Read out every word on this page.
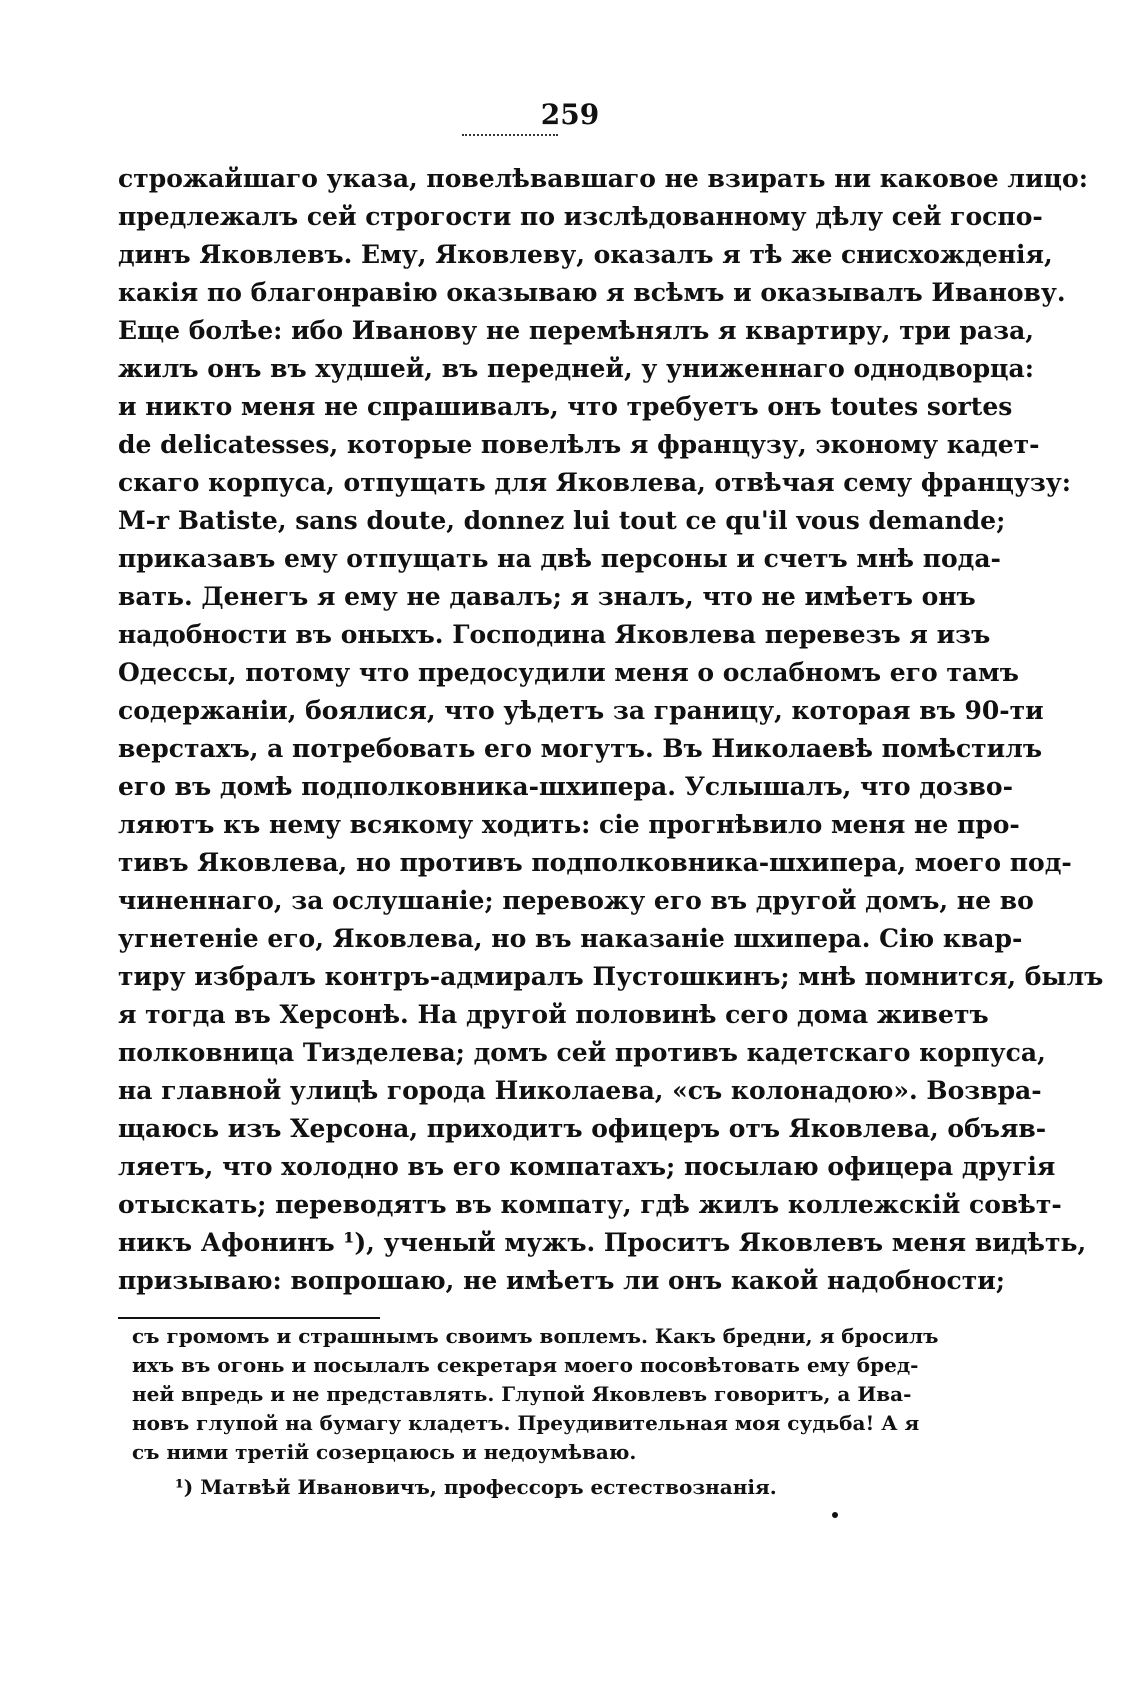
259
строжайшаго указа, повелѣвавшаго не взирать ни каковое лицо:
предлежалъ сей строгости по изслѣдованному дѣлу сей госпо-
динъ Яковлевъ. Ему, Яковлеву, оказалъ я тѣ же снисхожденія,
какія по благонравію оказываю я всѣмъ и оказывалъ Иванову.
Еще болѣе: ибо Иванову не перемѣнялъ я квартиру, три раза,
жилъ онъ въ худшей, въ передней, у униженнаго однодворца:
и никто меня не спрашивалъ, что требуетъ онъ toutes sortes
de delicatesses, которые повелѣлъ я французу, эконому кадет-
скаго корпуса, отпущать для Яковлева, отвѣчая сему французу:
M-r Batiste, sans doute, donnez lui tout ce qu'il vous demande;
приказавъ ему отпущать на двѣ персоны и счетъ мнѣ пода-
вать. Денегъ я ему не давалъ; я зналъ, что не имѣетъ онъ
надобности въ оныхъ. Господина Яковлева перевезъ я изъ
Одессы, потому что предосудили меня о ослабномъ его тамъ
содержаніи, боялися, что уѣдетъ за границу, которая въ 90-ти
верстахъ, а потребовать его могутъ. Въ Николаевѣ помѣстилъ
его въ домѣ подполковника-шхипера. Услышалъ, что дозво-
ляютъ къ нему всякому ходить: сіе прогнѣвило меня не про-
тивъ Яковлева, но противъ подполковника-шхипера, моего под-
чиненнаго, за ослушаніе; перевожу его въ другой домъ, не во
угнетеніе его, Яковлева, но въ наказаніе шхипера. Сію квар-
тиру избралъ контръ-адмиралъ Пустошкинъ; мнѣ помнится, былъ
я тогда въ Херсонѣ. На другой половинѣ сего дома живетъ
полковница Тизделева; домъ сей противъ кадетскаго корпуса,
на главной улицѣ города Николаева, «съ колонадою». Возвра-
щаюсь изъ Херсона, приходитъ офицеръ отъ Яковлева, объяв-
ляетъ, что холодно въ его компатахъ; посылаю офицера другія
отыскать; переводятъ въ компату, гдѣ жилъ коллежскій совѣт-
никъ Афонинъ ¹), ученый мужъ. Проситъ Яковлевъ меня видѣть,
призываю: вопрошаю, не имѣетъ ли онъ какой надобности;
съ громомъ и страшнымъ своимъ воплемъ. Какъ бредни, я бросилъ
ихъ въ огонь и посылалъ секретаря моего посовѣтовать ему бред-
ней впредь и не представлять. Глупой Яковлевъ говоритъ, а Ива-
новъ глупой на бумагу кладетъ. Преудивительная моя судьба! А я
съ ними третій созерцаюсь и недоумѣваю.
¹) Матвѣй Ивановичъ, профессоръ естествознанія.
